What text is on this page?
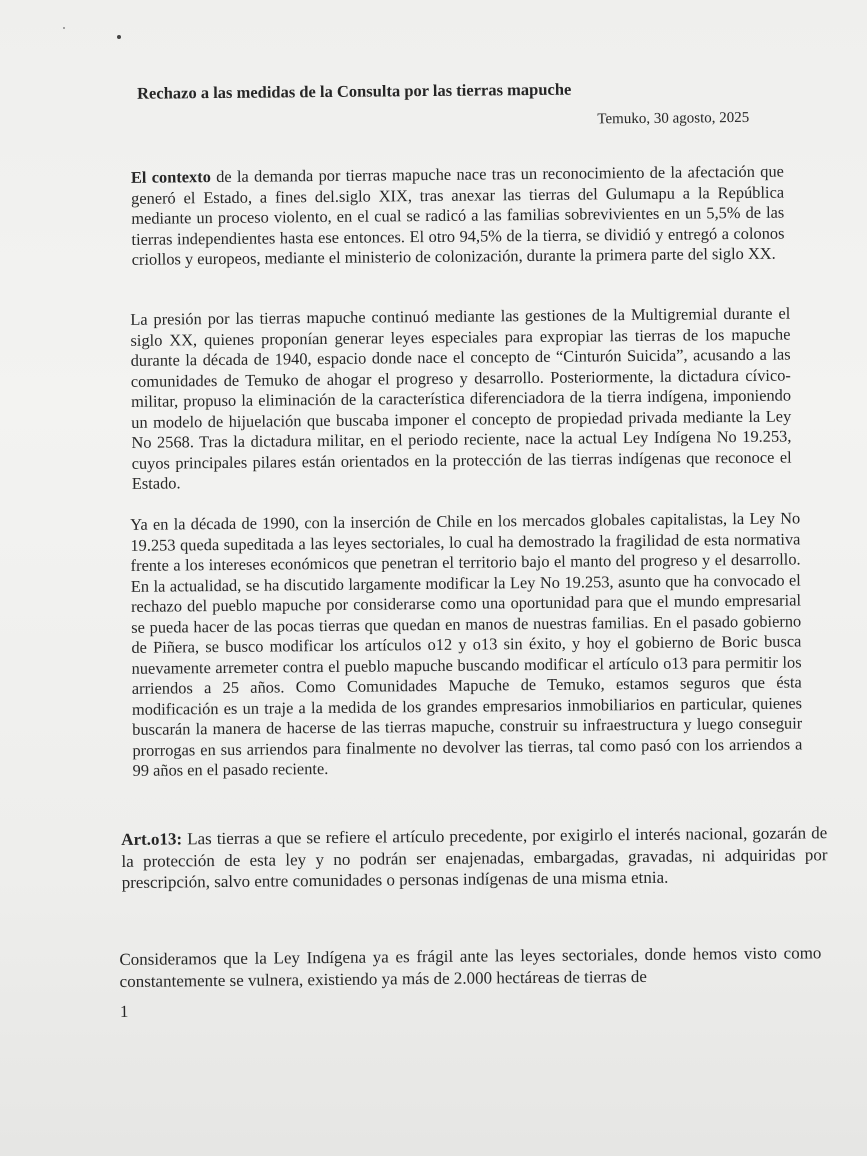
Rechazo a las medidas de la Consulta por las tierras mapuche
Temuko, 30 agosto, 2025

El contexto de la demanda por tierras mapuche nace tras un reconocimiento de la afectación que generó el Estado, a fines del.siglo XIX, tras anexar las tierras del Gulumapu a la República mediante un proceso violento, en el cual se radicó a las familias sobrevivientes en un 5,5% de las tierras independientes hasta ese entonces. El otro 94,5% de la tierra, se dividió y entregó a colonos criollos y europeos, mediante el ministerio de colonización, durante la primera parte del siglo XX.

La presión por las tierras mapuche continuó mediante las gestiones de la Multigremial durante el siglo XX, quienes proponían generar leyes especiales para expropiar las tierras de los mapuche durante la década de 1940, espacio donde nace el concepto de “Cinturón Suicida”, acusando a las comunidades de Temuko de ahogar el progreso y desarrollo. Posteriormente, la dictadura cívico-militar, propuso la eliminación de la característica diferenciadora de la tierra indígena, imponiendo un modelo de hijuelación que buscaba imponer el concepto de propiedad privada mediante la Ley No 2568. Tras la dictadura militar, en el periodo reciente, nace la actual Ley Indígena No 19.253, cuyos principales pilares están orientados en la protección de las tierras indígenas que reconoce el Estado.

Ya en la década de 1990, con la inserción de Chile en los mercados globales capitalistas, la Ley No 19.253 queda supeditada a las leyes sectoriales, lo cual ha demostrado la fragilidad de esta normativa frente a los intereses económicos que penetran el territorio bajo el manto del progreso y el desarrollo. En la actualidad, se ha discutido largamente modificar la Ley No 19.253, asunto que ha convocado el rechazo del pueblo mapuche por considerarse como una oportunidad para que el mundo empresarial se pueda hacer de las pocas tierras que quedan en manos de nuestras familias. En el pasado gobierno de Piñera, se busco modificar los artículos o12 y o13 sin éxito, y hoy el gobierno de Boric busca nuevamente arremeter contra el pueblo mapuche buscando modificar el artículo o13 para permitir los arriendos a 25 años. Como Comunidades Mapuche de Temuko, estamos seguros que ésta modificación es un traje a la medida de los grandes empresarios inmobiliarios en particular, quienes buscarán la manera de hacerse de las tierras mapuche, construir su infraestructura y luego conseguir prorrogas en sus arriendos para finalmente no devolver las tierras, tal como pasó con los arriendos a 99 años en el pasado reciente.

Art.o13: Las tierras a que se refiere el artículo precedente, por exigirlo el interés nacional, gozarán de la protección de esta ley y no podrán ser enajenadas, embargadas, gravadas, ni adquiridas por prescripción, salvo entre comunidades o personas indígenas de una misma etnia.

Consideramos que la Ley Indígena ya es frágil ante las leyes sectoriales, donde hemos visto como constantemente se vulnera, existiendo ya más de 2.000 hectáreas de tierras de

1
